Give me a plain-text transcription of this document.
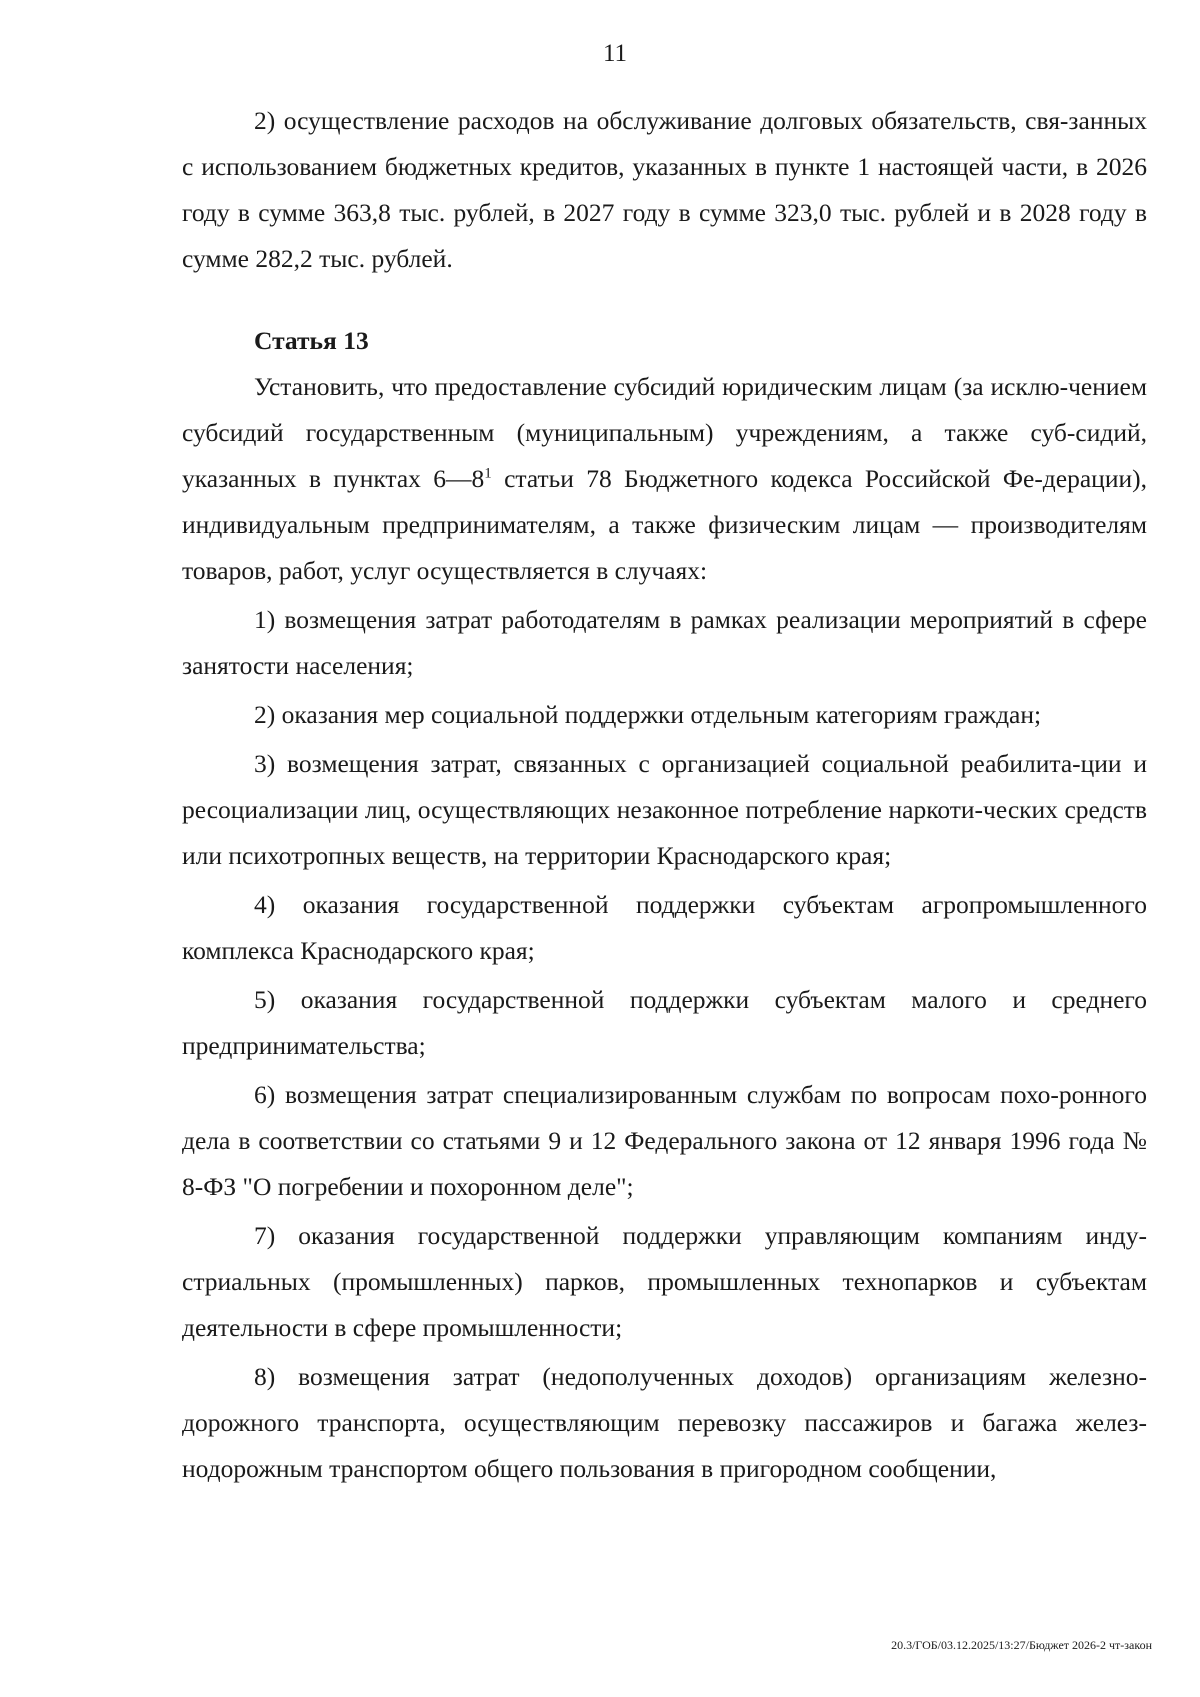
11

2) осуществление расходов на обслуживание долговых обязательств, свя-занных с использованием бюджетных кредитов, указанных в пункте 1 настоящей части, в 2026 году в сумме 363,8 тыс. рублей, в 2027 году в сумме 323,0 тыс. рублей и в 2028 году в сумме 282,2 тыс. рублей.

Статья 13

Установить, что предоставление субсидий юридическим лицам (за исклю-чением субсидий государственным (муниципальным) учреждениям, а также суб-сидий, указанных в пунктах $6—8^1$ статьи 78 Бюджетного кодекса Российской Фе-дерации), индивидуальным предпринимателям, а также физическим лицам — производителям товаров, работ, услуг осуществляется в случаях:

1) возмещения затрат работодателям в рамках реализации мероприятий в сфере занятости населения;

2) оказания мер социальной поддержки отдельным категориям граждан;

3) возмещения затрат, связанных с организацией социальной реабилита-ции и ресоциализации лиц, осуществляющих незаконное потребление наркоти-ческих средств или психотропных веществ, на территории Краснодарского края;

4) оказания государственной поддержки субъектам агропромышленного комплекса Краснодарского края;

5) оказания государственной поддержки субъектам малого и среднего предпринимательства;

6) возмещения затрат специализированным службам по вопросам похо-ронного дела в соответствии со статьями 9 и 12 Федерального закона от 12 января 1996 года № 8-ФЗ "О погребении и похоронном деле";

7) оказания государственной поддержки управляющим компаниям инду-стриальных (промышленных) парков, промышленных технопарков и субъектам деятельности в сфере промышленности;

8) возмещения затрат (недополученных доходов) организациям железно-дорожного транспорта, осуществляющим перевозку пассажиров и багажа желез-нодорожным транспортом общего пользования в пригородном сообщении,

20.3/ГОБ/03.12.2025/13:27/Бюджет 2026-2 чт-закон
